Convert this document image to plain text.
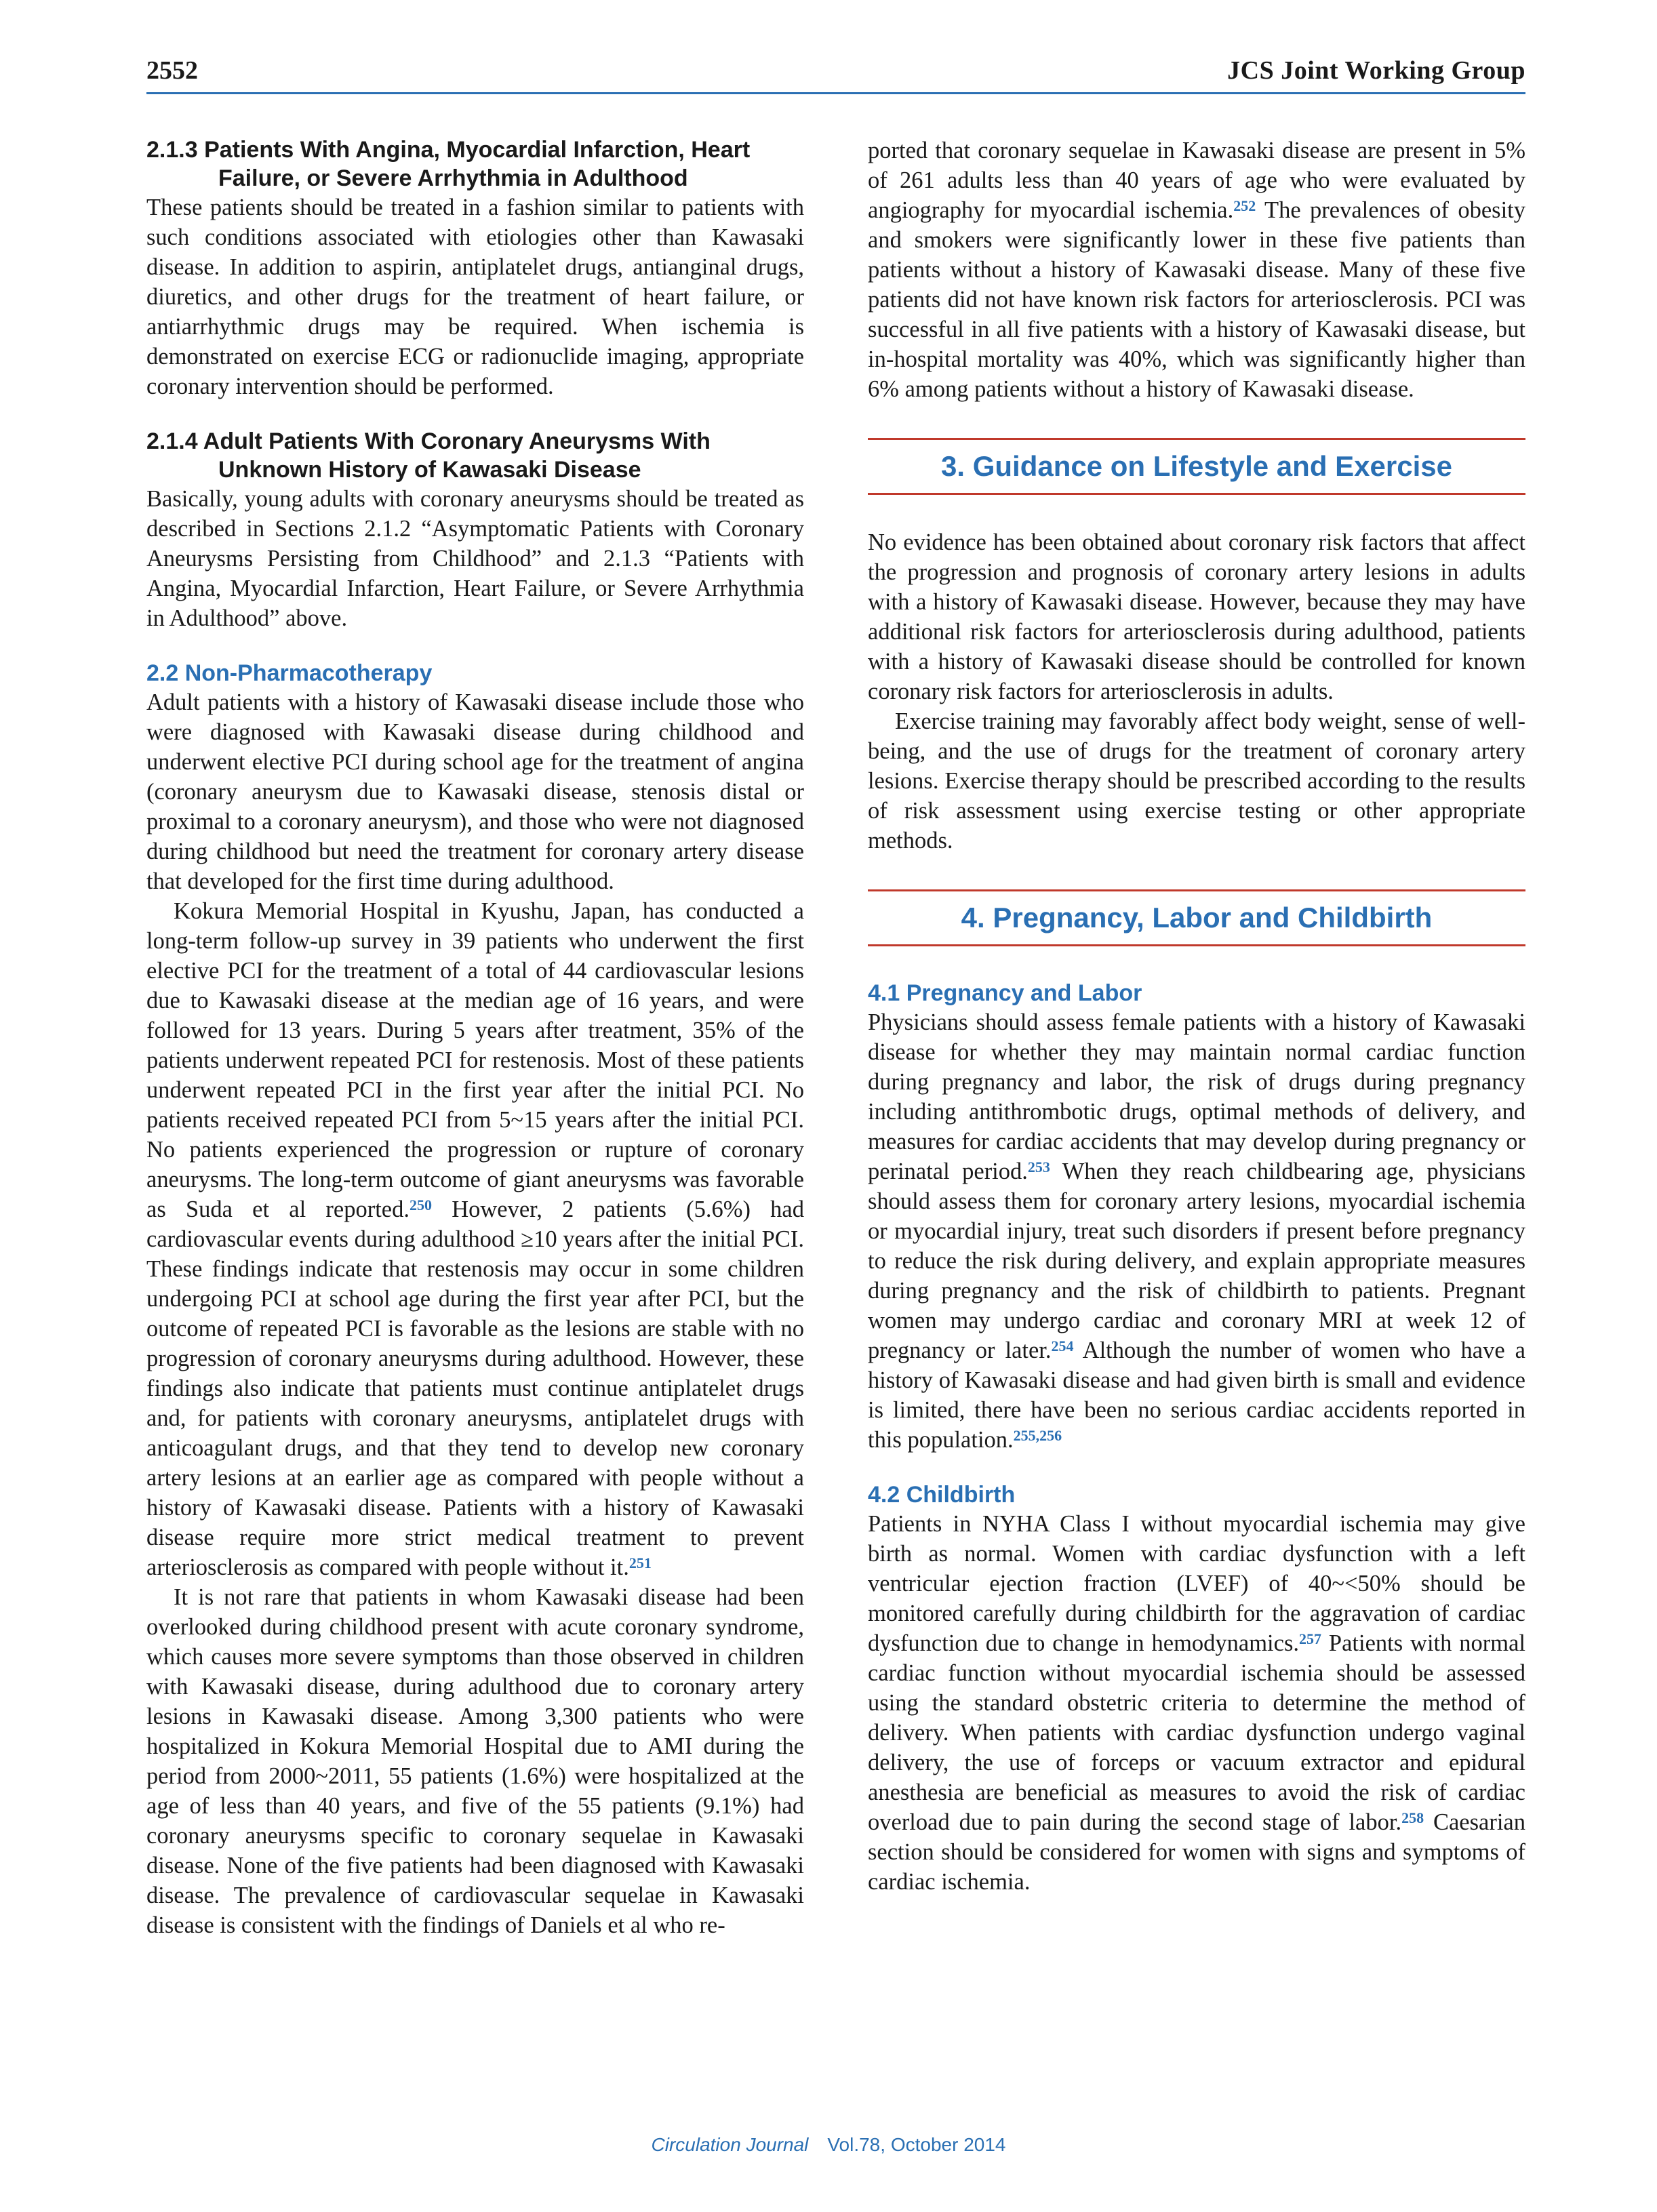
2552	JCS Joint Working Group
2.1.3 Patients With Angina, Myocardial Infarction, Heart
Failure, or Severe Arrhythmia in Adulthood

These patients should be treated in a fashion similar to patients with such conditions associated with etiologies other than Kawasaki disease. In addition to aspirin, antiplatelet drugs, antianginal drugs, diuretics, and other drugs for the treatment of heart failure, or antiarrhythmic drugs may be required. When ischemia is demonstrated on exercise ECG or radionuclide imaging, appropriate coronary intervention should be performed.

2.1.4 Adult Patients With Coronary Aneurysms With
Unknown History of Kawasaki Disease

Basically, young adults with coronary aneurysms should be treated as described in Sections 2.1.2 “Asymptomatic Patients with Coronary Aneurysms Persisting from Childhood” and 2.1.3 “Patients with Angina, Myocardial Infarction, Heart Failure, or Severe Arrhythmia in Adulthood” above.

2.2 Non-Pharmacotherapy

Adult patients with a history of Kawasaki disease include those who were diagnosed with Kawasaki disease during childhood and underwent elective PCI during school age for the treatment of angina (coronary aneurysm due to Kawasaki disease, stenosis distal or proximal to a coronary aneurysm), and those who were not diagnosed during childhood but need the treatment for coronary artery disease that developed for the first time during adulthood.

Kokura Memorial Hospital in Kyushu, Japan, has conducted a long-term follow-up survey in 39 patients who underwent the first elective PCI for the treatment of a total of 44 cardiovascular lesions due to Kawasaki disease at the median age of 16 years, and were followed for 13 years. During 5 years after treatment, 35% of the patients underwent repeated PCI for restenosis. Most of these patients underwent repeated PCI in the first year after the initial PCI. No patients received repeated PCI from 5~15 years after the initial PCI. No patients experienced the progression or rupture of coronary aneurysms. The long-term outcome of giant aneurysms was favorable as Suda et al reported.$^{250}$ However, 2 patients (5.6%) had cardiovascular events during adulthood ≥10 years after the initial PCI. These findings indicate that restenosis may occur in some children undergoing PCI at school age during the first year after PCI, but the outcome of repeated PCI is favorable as the lesions are stable with no progression of coronary aneurysms during adulthood. However, these findings also indicate that patients must continue antiplatelet drugs and, for patients with coronary aneurysms, antiplatelet drugs with anticoagulant drugs, and that they tend to develop new coronary artery lesions at an earlier age as compared with people without a history of Kawasaki disease. Patients with a history of Kawasaki disease require more strict medical treatment to prevent arteriosclerosis as compared with people without it.$^{251}$

It is not rare that patients in whom Kawasaki disease had been overlooked during childhood present with acute coronary syndrome, which causes more severe symptoms than those observed in children with Kawasaki disease, during adulthood due to coronary artery lesions in Kawasaki disease. Among 3,300 patients who were hospitalized in Kokura Memorial Hospital due to AMI during the period from 2000~2011, 55 patients (1.6%) were hospitalized at the age of less than 40 years, and five of the 55 patients (9.1%) had coronary aneurysms specific to coronary sequelae in Kawasaki disease. None of the five patients had been diagnosed with Kawasaki disease. The prevalence of cardiovascular sequelae in Kawasaki disease is consistent with the findings of Daniels et al who re-

ported that coronary sequelae in Kawasaki disease are present in 5% of 261 adults less than 40 years of age who were evaluated by angiography for myocardial ischemia.$^{252}$ The prevalences of obesity and smokers were significantly lower in these five patients than patients without a history of Kawasaki disease. Many of these five patients did not have known risk factors for arteriosclerosis. PCI was successful in all five patients with a history of Kawasaki disease, but in-hospital mortality was 40%, which was significantly higher than 6% among patients without a history of Kawasaki disease.

3. Guidance on Lifestyle and Exercise

No evidence has been obtained about coronary risk factors that affect the progression and prognosis of coronary artery lesions in adults with a history of Kawasaki disease. However, because they may have additional risk factors for arteriosclerosis during adulthood, patients with a history of Kawasaki disease should be controlled for known coronary risk factors for arteriosclerosis in adults.

Exercise training may favorably affect body weight, sense of well-being, and the use of drugs for the treatment of coronary artery lesions. Exercise therapy should be prescribed according to the results of risk assessment using exercise testing or other appropriate methods.

4. Pregnancy, Labor and Childbirth
4.1 Pregnancy and Labor

Physicians should assess female patients with a history of Kawasaki disease for whether they may maintain normal cardiac function during pregnancy and labor, the risk of drugs during pregnancy including antithrombotic drugs, optimal methods of delivery, and measures for cardiac accidents that may develop during pregnancy or perinatal period.$^{253}$ When they reach childbearing age, physicians should assess them for coronary artery lesions, myocardial ischemia or myocardial injury, treat such disorders if present before pregnancy to reduce the risk during delivery, and explain appropriate measures during pregnancy and the risk of childbirth to patients. Pregnant women may undergo cardiac and coronary MRI at week 12 of pregnancy or later.$^{254}$ Although the number of women who have a history of Kawasaki disease and had given birth is small and evidence is limited, there have been no serious cardiac accidents reported in this population.$^{255,256}$

4.2 Childbirth

Patients in NYHA Class I without myocardial ischemia may give birth as normal. Women with cardiac dysfunction with a left ventricular ejection fraction (LVEF) of 40~<50% should be monitored carefully during childbirth for the aggravation of cardiac dysfunction due to change in hemodynamics.$^{257}$ Patients with normal cardiac function without myocardial ischemia should be assessed using the standard obstetric criteria to determine the method of delivery. When patients with cardiac dysfunction undergo vaginal delivery, the use of forceps or vacuum extractor and epidural anesthesia are beneficial as measures to avoid the risk of cardiac overload due to pain during the second stage of labor.$^{258}$ Caesarian section should be considered for women with signs and symptoms of cardiac ischemia.

Circulation Journal Vol.78, October 2014
